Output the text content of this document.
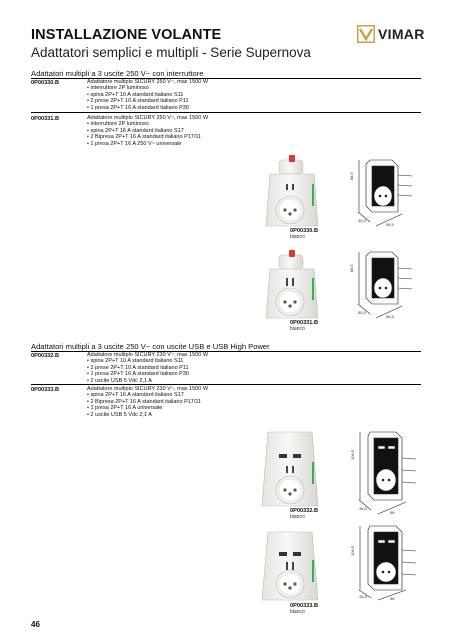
INSTALLAZIONE VOLANTE
Adattatori semplici e multipli - Serie Supernova
VIMAR
Adattatori multipli a 3 uscite 250 V~ con interruttore
0P00330.B	Adattatore multiplo SICURY 250 V~, max 1500 W
• interruttore 2P luminoso
• spina 2P+T 10 A standard italiano S11
• 2 prese 2P+T 10 A standard italiano P11
• 1 presa 2P+T 16 A standard italiano P30
0P00331.B	Adattatore multiplo SICURY 250 V~, max 1500 W
• interruttore 2P luminoso
• spina 2P+T 16 A standard italiano S17
• 2 Bipresa 2P+T 16 A standard italiano P17/11
• 1 presa 2P+T 16 A 250 V~ universale
Adattatori multipli a 3 uscite 250 V~ con uscite USB e USB High Power
0P00332.B	Adattatore multiplo SICURY 230 V~, max 1500 W
• spina 2P+T 10 A standard italiano S11
• 2 prese 2P+T 10 A standard italiano P11
• 1 presa 2P+T 16 A standard italiano P30
• 2 uscite USB 5 Vdc 2,1 A
0P00333.B	Adattatore multiplo SICURY 230 V~, max 1500 W
• spina 2P+T 16 A standard italiano S17
• 2 Bipresa 2P+T 16 A standard italiano P17/11
• 1 presa 2P+T 16 A universale
• 2 uscite USB 5 Vdc 2,1 A
88,5
45,5
56,5
88,5
45,5
56,5
108,5
45,5
58
108,5
45,5	58
0P00330.B
bianco
0P00331.B
bianco
0P00332.B
bianco
0P00333.B
bianco
46
